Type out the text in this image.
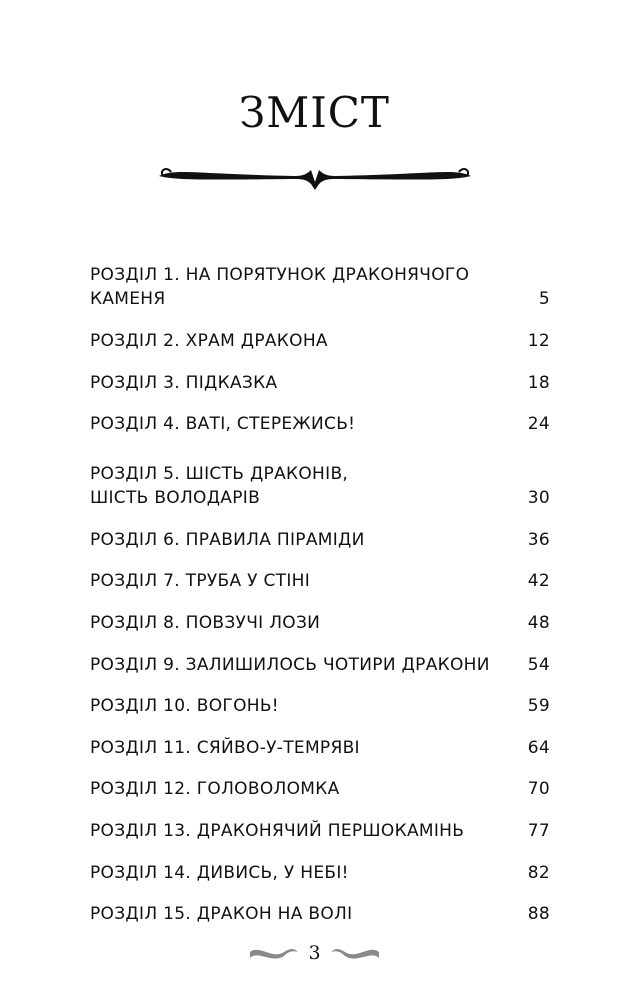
ЗМІСТ
РОЗДІЛ 1. НА ПОРЯТУНОК ДРАКОНЯЧОГО
КАМЕНЯ	5
РОЗДІЛ 2. ХРАМ ДРАКОНА	12
РОЗДІЛ 3. ПІДКАЗКА	18
РОЗДІЛ 4. ВАТІ, СТЕРЕЖИСЬ!	24
РОЗДІЛ 5. ШІСТЬ ДРАКОНІВ,
ШІСТЬ ВОЛОДАРІВ	30
РОЗДІЛ 6. ПРАВИЛА ПІРАМІДИ	36
РОЗДІЛ 7. ТРУБА У СТІНІ	42
РОЗДІЛ 8. ПОВЗУЧІ ЛОЗИ	48
РОЗДІЛ 9. ЗАЛИШИЛОСЬ ЧОТИРИ ДРАКОНИ	54
РОЗДІЛ 10. ВОГОНЬ!	59
РОЗДІЛ 11. СЯЙВО-У-ТЕМРЯВІ	64
РОЗДІЛ 12. ГОЛОВОЛОМКА	70
РОЗДІЛ 13. ДРАКОНЯЧИЙ ПЕРШОКАМІНЬ	77
РОЗДІЛ 14. ДИВИСЬ, У НЕБІ!	82
РОЗДІЛ 15. ДРАКОН НА ВОЛІ	88
3
